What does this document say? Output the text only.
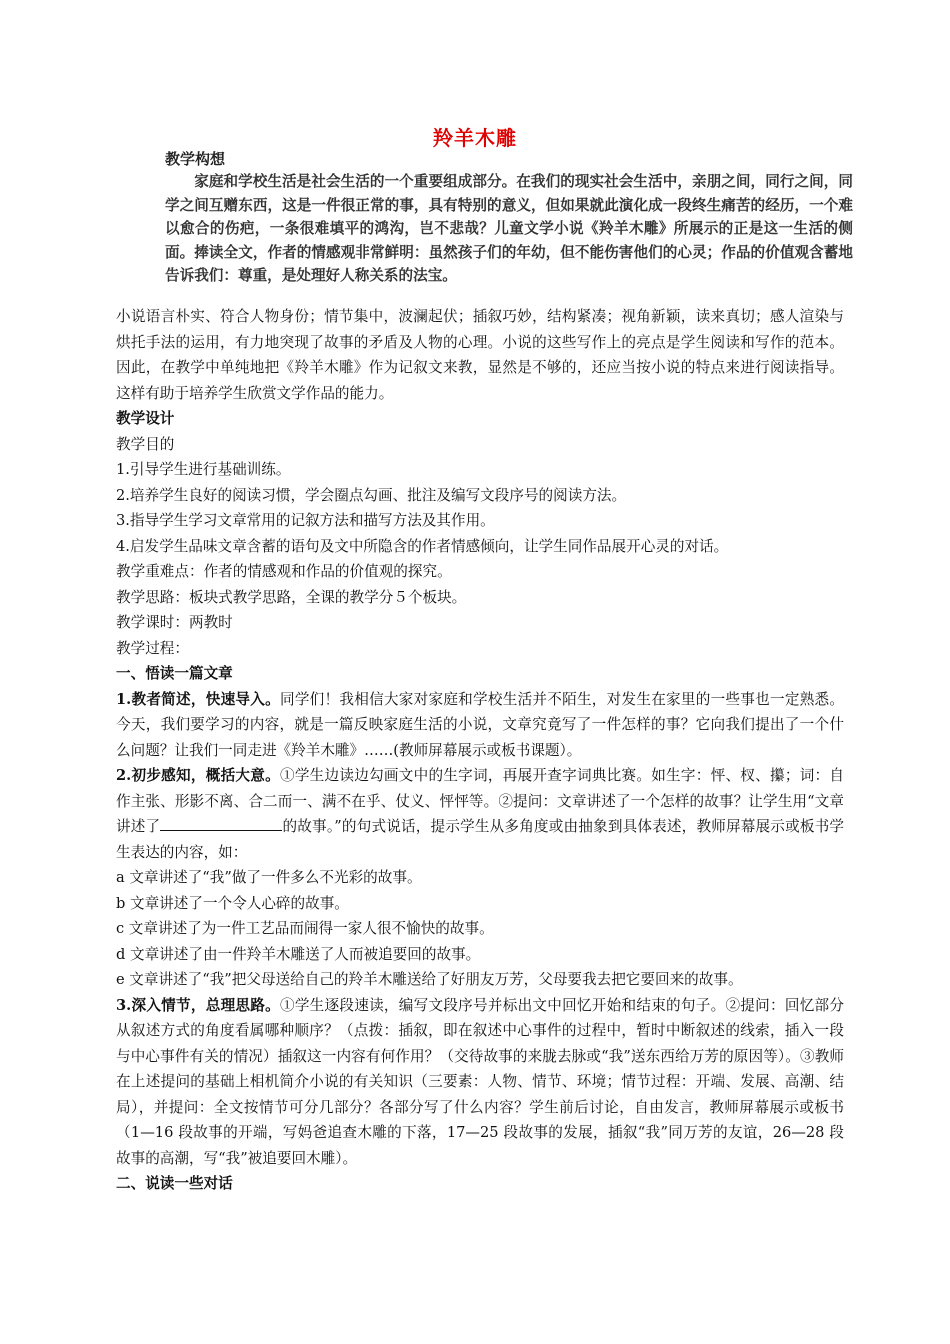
羚羊木雕
教学构想

家庭和学校生活是社会生活的一个重要组成部分。在我们的现实社会生活中，亲朋之间，同行之间，同学之间互赠东西，这是一件很正常的事，具有特别的意义，但如果就此演化成一段终生痛苦的经历，一个难以愈合的伤疤，一条很难填平的鸿沟，岂不悲哉？儿童文学小说《羚羊木雕》所展示的正是这一生活的侧面。捧读全文，作者的情感观非常鲜明：虽然孩子们的年幼，但不能伤害他们的心灵；作品的价值观含蓄地告诉我们：尊重，是处理好人称关系的法宝。

小说语言朴实、符合人物身份；情节集中，波澜起伏；插叙巧妙，结构紧凑；视角新颖，读来真切；感人渲染与烘托手法的运用，有力地突现了故事的矛盾及人物的心理。小说的这些写作上的亮点是学生阅读和写作的范本。因此，在教学中单纯地把《羚羊木雕》作为记叙文来教，显然是不够的，还应当按小说的特点来进行阅读指导。这样有助于培养学生欣赏文学作品的能力。

教学设计

教学目的

1.引导学生进行基础训练。

2.培养学生良好的阅读习惯，学会圈点勾画、批注及编写文段序号的阅读方法。

3.指导学生学习文章常用的记叙方法和描写方法及其作用。

4.启发学生品味文章含蓄的语句及文中所隐含的作者情感倾向，让学生同作品展开心灵的对话。

教学重难点：作者的情感观和作品的价值观的探究。

教学思路：板块式教学思路，全课的教学分５个板块。

教学课时：两教时

教学过程：

一、悟读一篇文章

1.教者简述，快速导入。同学们！我相信大家对家庭和学校生活并不陌生，对发生在家里的一些事也一定熟悉。今天，我们要学习的内容，就是一篇反映家庭生活的小说，文章究竟写了一件怎样的事？它向我们提出了一个什么问题？让我们一同走进《羚羊木雕》……(教师屏幕展示或板书课题）。

2.初步感知，概括大意。①学生边读边勾画文中的生字词，再展开查字词典比赛。如生字：怦、杈、攥；词：自作主张、形影不离、合二而一、满不在乎、仗义、怦怦等。②提问：文章讲述了一个怎样的故事？让学生用“文章讲述了	的故事。”的句式说话，提示学生从多角度或由抽象到具体表述，教师屏幕展示或板书学生表达的内容，如：

a 文章讲述了“我”做了一件多么不光彩的故事。

b 文章讲述了一个令人心碎的故事。

c 文章讲述了为一件工艺品而闹得一家人很不愉快的故事。

d 文章讲述了由一件羚羊木雕送了人而被追要回的故事。

e 文章讲述了“我”把父母送给自己的羚羊木雕送给了好朋友万芳，父母要我去把它要回来的故事。

3.深入情节，总理思路。①学生逐段速读，编写文段序号并标出文中回忆开始和结束的句子。②提问：回忆部分从叙述方式的角度看属哪种顺序？（点拨：插叙，即在叙述中心事件的过程中，暂时中断叙述的线索，插入一段与中心事件有关的情况）插叙这一内容有何作用？（交待故事的来胧去脉或“我”送东西给万芳的原因等）。③教师在上述提问的基础上相机简介小说的有关知识（三要素：人物、情节、环境；情节过程：开端、发展、高潮、结局），并提问：全文按情节可分几部分？各部分写了什么内容？学生前后讨论，自由发言，教师屏幕展示或板书（1—16 段故事的开端，写妈爸追查木雕的下落，17—25 段故事的发展，插叙“我”同万芳的友谊，26—28 段故事的高潮，写“我”被追要回木雕）。

二、说读一些对话
